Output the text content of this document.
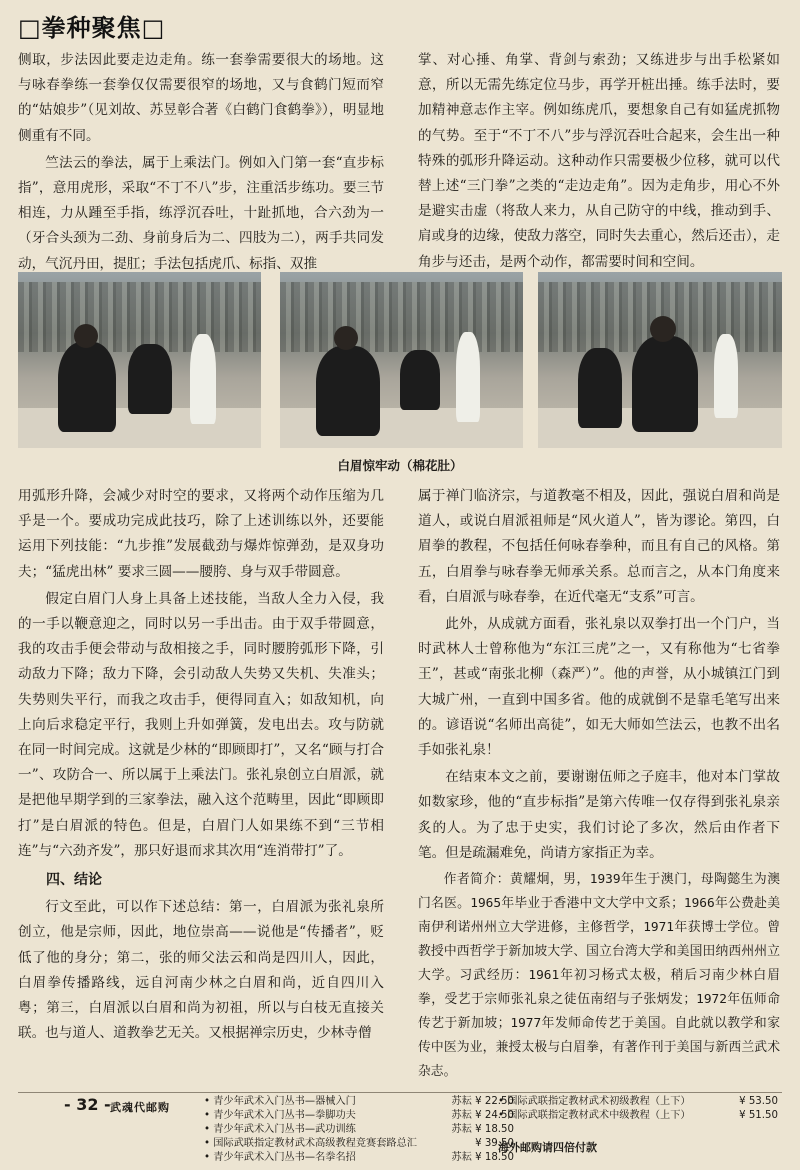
□拳种聚焦□

侧取，步法因此要走边走角。练一套拳需要很大的场地。这与咏春拳练一套拳仅仅需要很窄的场地，又与食鹤门短而窄的“姑娘步”（见刘故、苏昱彰合著《白鹤门食鹤拳》），明显地侧重有不同。

竺法云的拳法，属于上乘法门。例如入门第一套“直步标指”，意用虎形，采取“不丁不八”步，注重活步练功。要三节相连，力从踵至手指，练浮沉吞吐，十趾抓地，合六劲为一（牙合头颈为二劲、身前身后为二、四肢为二），两手共同发动，气沉丹田，提肛；手法包括虎爪、标指、双推

掌、对心捶、角掌、背剑与索劲；又练进步与出手松紧如意，所以无需先练定位马步，再学开桩出捶。练手法时，要加精神意志作主宰。例如练虎爪，要想象自己有如猛虎抓物的气势。至于“不丁不八”步与浮沉吞吐合起来，会生出一种特殊的弧形升降运动。这种动作只需要极少位移，就可以代替上述“三门拳”之类的“走边走角”。因为走角步，用心不外是避实击虚（将敌人来力，从自己防守的中线，推动到手、肩或身的边缘，使敌力落空，同时失去重心，然后还击），走角步与还击，是两个动作，都需要时间和空间。

白眉惊牢动（棉花肚）

用弧形升降，会减少对时空的要求，又将两个动作压缩为几乎是一个。要成功完成此技巧，除了上述训练以外，还要能运用下列技能：“九步推”发展截劲与爆炸惊弹劲，是双身功夫；“猛虎出林” 要求三圆——腰胯、身与双手带圆意。

假定白眉门人身上具备上述技能，当敌人全力入侵，我的一手以鞭意迎之，同时以另一手出击。由于双手带圆意，我的攻击手便会带动与敌相接之手，同时腰胯弧形下降，引动敌力下降；敌力下降，会引动敌人失势又失机、失准头；失势则失平行，而我之攻击手，便得同直入；如敌知机，向上向后求稳定平行，我则上升如弹簧，发电出去。攻与防就在同一时间完成。这就是少林的“即顾即打”，又名“顾与打合一”、攻防合一、所以属于上乘法门。张礼泉创立白眉派，就是把他早期学到的三家拳法，融入这个范畴里，因此“即顾即打”是白眉派的特色。但是，白眉门人如果练不到“三节相连”与“六劲齐发”，那只好退而求其次用“连消带打”了。

四、结论

行文至此，可以作下述总结：第一，白眉派为张礼泉所创立，他是宗师，因此，地位崇高——说他是“传播者”，贬低了他的身分；第二，张的师父法云和尚是四川人，因此，白眉拳传播路线，远自河南少林之白眉和尚，近自四川入粤；第三，白眉派以白眉和尚为初祖，所以与白枝无直接关联。也与道人、道教拳艺无关。又根据禅宗历史，少林寺僧

属于禅门临济宗，与道教毫不相及，因此，强说白眉和尚是道人，或说白眉派祖师是“风火道人”，皆为谬论。第四，白眉拳的教程，不包括任何咏春拳种，而且有自己的风格。第五，白眉拳与咏春拳无师承关系。总而言之，从本门角度来看，白眉派与咏春拳，在近代毫无“支系”可言。

此外，从成就方面看，张礼泉以双拳打出一个门户，当时武林人士曾称他为“东江三虎”之一，又有称他为“七省拳王”，甚或“南张北柳（森严）”。他的声誉，从小城镇江门到大城广州，一直到中国多省。他的成就倒不是靠毛笔写出来的。谚语说“名师出高徒”，如无大师如竺法云，也教不出名手如张礼泉！

在结束本文之前，要谢谢伍师之子庭丰，他对本门掌故如数家珍，他的“直步标指”是第六传唯一仅存得到张礼泉亲炙的人。为了忠于史实，我们讨论了多次，然后由作者下笔。但是疏漏难免，尚请方家指正为幸。

作者简介：黄耀炯，男，1939年生于澳门，母陶懿生为澳门名医。1965年毕业于香港中文大学中文系；1966年公费赴美南伊利诺州州立大学进修，主修哲学，1971年获博士学位。曾教授中西哲学于新加坡大学、国立台湾大学和美国田纳西州州立大学。习武经历：1961年初习杨式太极，稍后习南少林白眉拳，受艺于宗师张礼泉之徒伍南绍与子张炳发；1972年伍师命传艺于新加坡；1977年发师命传艺于美国。自此就以教学和家传中医为业，兼授太极与白眉拳，有著作刊于美国与新西兰武术杂志。

- 32 - 武魂代邮购
•	青少年武术入门丛书—器械入门	苏耘 ¥ 22.50
• 青少年武术入门丛书—拳脚功夫	苏耘 ¥ 24.50
• 青少年武术入门丛书—武功训练	苏耘 ¥ 18.50
• 国际武联指定教材武术高级教程竞赛套路总汇	¥ 39.50
• 青少年武术入门丛书—名拳名招	苏耘 ¥ 18.50
• 国际武联指定教材武术初级教程（上下）	¥ 53.50
• 国际武联指定教材武术中级教程（上下）	¥ 51.50
海外邮购请四倍付款
